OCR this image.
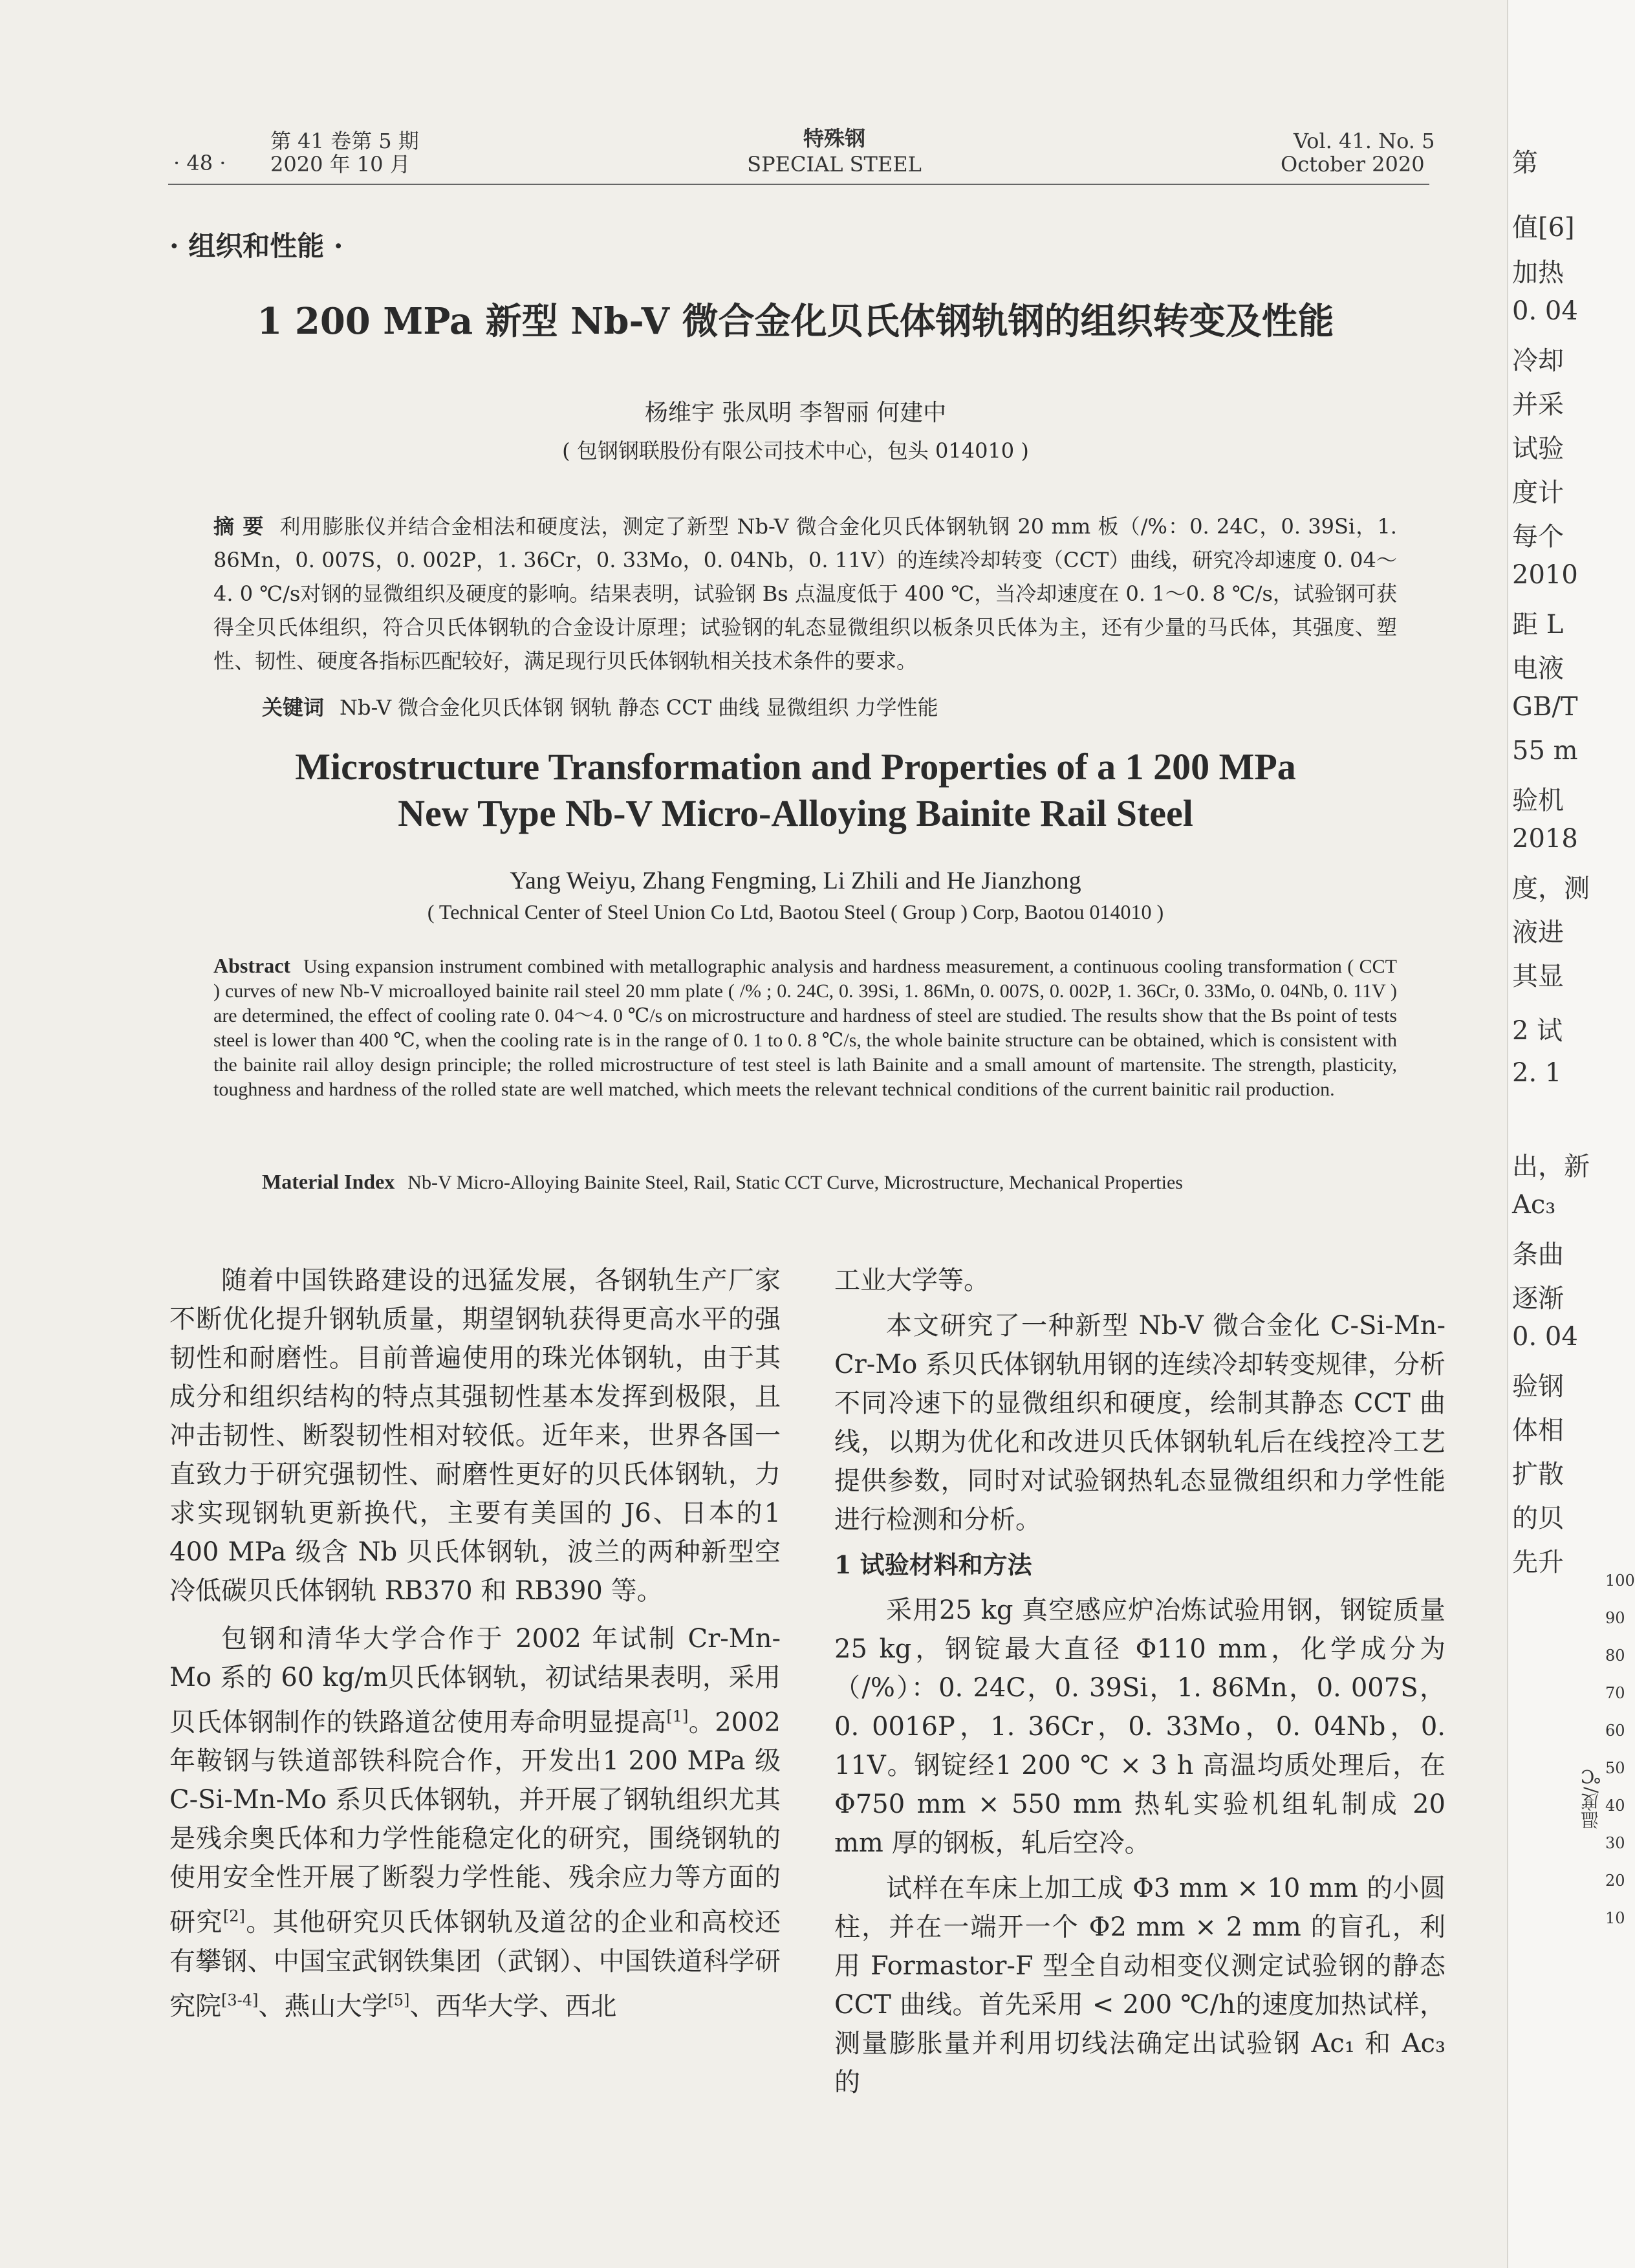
· 48 ·
第 41 卷第 5 期
2020 年 10 月
特殊钢
SPECIAL STEEL
Vol. 41. No. 5
October 2020
· 组织和性能 ·
1 200 MPa 新型 Nb-V 微合金化贝氏体钢轨钢的组织转变及性能
杨维宇 张凤明 李智丽 何建中
( 包钢钢联股份有限公司技术中心，包头 014010 )
摘 要 利用膨胀仪并结合金相法和硬度法，测定了新型 Nb-V 微合金化贝氏体钢轨钢 20 mm 板（/%：0. 24C，0. 39Si，1. 86Mn，0. 007S，0. 002P，1. 36Cr，0. 33Mo，0. 04Nb，0. 11V）的连续冷却转变（CCT）曲线，研究冷却速度 0. 04～4. 0 ℃/s对钢的显微组织及硬度的影响。结果表明，试验钢 Bs 点温度低于 400 ℃，当冷却速度在 0. 1～0. 8 ℃/s，试验钢可获得全贝氏体组织，符合贝氏体钢轨的合金设计原理；试验钢的轧态显微组织以板条贝氏体为主，还有少量的马氏体，其强度、塑性、韧性、硬度各指标匹配较好，满足现行贝氏体钢轨相关技术条件的要求。
关键词 Nb-V 微合金化贝氏体钢 钢轨 静态 CCT 曲线 显微组织 力学性能
Microstructure Transformation and Properties of a 1 200 MPa
New Type Nb-V Micro-Alloying Bainite Rail Steel
Yang Weiyu, Zhang Fengming, Li Zhili and He Jianzhong
( Technical Center of Steel Union Co Ltd, Baotou Steel ( Group ) Corp, Baotou 014010 )
Abstract Using expansion instrument combined with metallographic analysis and hardness measurement, a continuous cooling transformation ( CCT ) curves of new Nb-V microalloyed bainite rail steel 20 mm plate ( /% ; 0. 24C, 0. 39Si, 1. 86Mn, 0. 007S, 0. 002P, 1. 36Cr, 0. 33Mo, 0. 04Nb, 0. 11V ) are determined, the effect of cooling rate 0. 04～4. 0 ℃/s on microstructure and hardness of steel are studied. The results show that the Bs point of tests steel is lower than 400 ℃, when the cooling rate is in the range of 0. 1 to 0. 8 ℃/s, the whole bainite structure can be obtained, which is consistent with the bainite rail alloy design principle; the rolled microstructure of test steel is lath Bainite and a small amount of martensite. The strength, plasticity, toughness and hardness of the rolled state are well matched, which meets the relevant technical conditions of the current bainitic rail production.
Material Index Nb-V Micro-Alloying Bainite Steel, Rail, Static CCT Curve, Microstructure, Mechanical Properties

随着中国铁路建设的迅猛发展，各钢轨生产厂家不断优化提升钢轨质量，期望钢轨获得更高水平的强韧性和耐磨性。目前普遍使用的珠光体钢轨，由于其成分和组织结构的特点其强韧性基本发挥到极限，且冲击韧性、断裂韧性相对较低。近年来，世界各国一直致力于研究强韧性、耐磨性更好的贝氏体钢轨，力求实现钢轨更新换代，主要有美国的 J6、日本的1 400 MPa 级含 Nb 贝氏体钢轨，波兰的两种新型空冷低碳贝氏体钢轨 RB370 和 RB390 等。

包钢和清华大学合作于 2002 年试制 Cr-Mn-Mo 系的 60 kg/m贝氏体钢轨，初试结果表明，采用贝氏体钢制作的铁路道岔使用寿命明显提高[1]。2002 年鞍钢与铁道部铁科院合作，开发出1 200 MPa 级 C-Si-Mn-Mo 系贝氏体钢轨，并开展了钢轨组织尤其是残余奥氏体和力学性能稳定化的研究，围绕钢轨的使用安全性开展了断裂力学性能、残余应力等方面的研究[2]。其他研究贝氏体钢轨及道岔的企业和高校还有攀钢、中国宝武钢铁集团（武钢）、中国铁道科学研究院[3-4]、燕山大学[5]、西华大学、西北

工业大学等。

本文研究了一种新型 Nb-V 微合金化 C-Si-Mn-Cr-Mo 系贝氏体钢轨用钢的连续冷却转变规律，分析不同冷速下的显微组织和硬度，绘制其静态 CCT 曲线，以期为优化和改进贝氏体钢轨轧后在线控冷工艺提供参数，同时对试验钢热轧态显微组织和力学性能进行检测和分析。

1 试验材料和方法

采用25 kg 真空感应炉冶炼试验用钢，钢锭质量25 kg，钢锭最大直径 Φ110 mm，化学成分为（/%）：0. 24C，0. 39Si，1. 86Mn，0. 007S，0. 0016P，1. 36Cr，0. 33Mo，0. 04Nb，0. 11V。钢锭经1 200 ℃ × 3 h 高温均质处理后，在 Φ750 mm × 550 mm 热轧实验机组轧制成 20 mm 厚的钢板，轧后空冷。

试样在车床上加工成 Φ3 mm × 10 mm 的小圆柱，并在一端开一个 Φ2 mm × 2 mm 的盲孔，利用 Formastor-F 型全自动相变仪测定试验钢的静态 CCT 曲线。首先采用 < 200 ℃/h的速度加热试样，测量膨胀量并利用切线法确定出试验钢 Ac₁ 和 Ac₃ 的

第
值[6]
加热
0. 04
冷却
并采
试验
度计
每个
2010
距 L
电液
GB/T
55 m
验机
2018
度，测
液进
其显
2 试
2. 1
出，新
Ac₃
条曲
逐渐
0. 04
验钢
体相
扩散
的贝
先升
100
90
80
70
60
50
40
30
20
10
温度/℃
